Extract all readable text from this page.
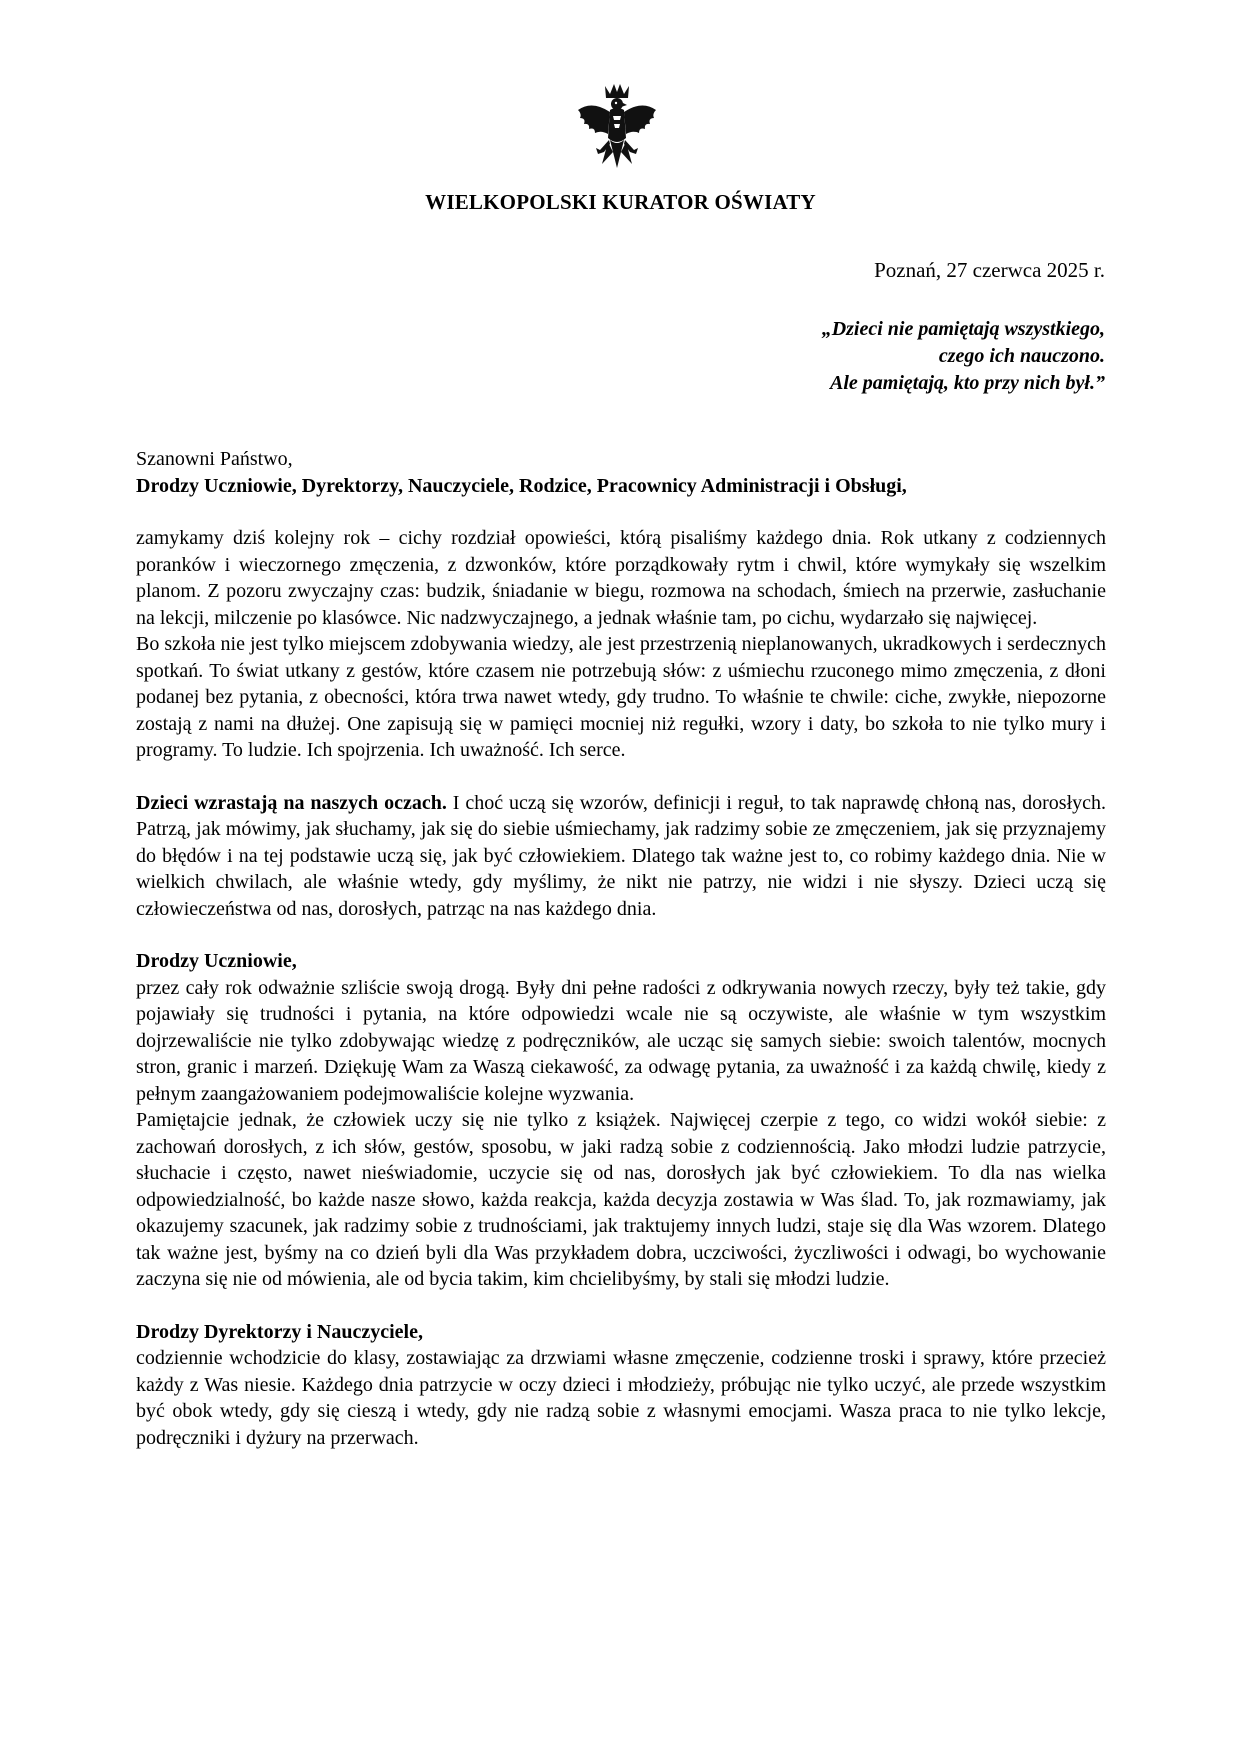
WIELKOPOLSKI KURATOR OŚWIATY
Poznań, 27 czerwca 2025 r.
„Dzieci nie pamiętają wszystkiego,
czego ich nauczono.
Ale pamiętają, kto przy nich był.”

Szanowni Państwo,

Drodzy Uczniowie, Dyrektorzy, Nauczyciele, Rodzice, Pracownicy Administracji i Obsługi,

zamykamy dziś kolejny rok – cichy rozdział opowieści, którą pisaliśmy każdego dnia. Rok utkany z codziennych poranków i wieczornego zmęczenia, z dzwonków, które porządkowały rytm i chwil, które wymykały się wszelkim planom. Z pozoru zwyczajny czas: budzik, śniadanie w biegu, rozmowa na schodach, śmiech na przerwie, zasłuchanie na lekcji, milczenie po klasówce. Nic nadzwyczajnego, a jednak właśnie tam, po cichu, wydarzało się najwięcej.

Bo szkoła nie jest tylko miejscem zdobywania wiedzy, ale jest przestrzenią nieplanowanych, ukradkowych i serdecznych spotkań. To świat utkany z gestów, które czasem nie potrzebują słów: z uśmiechu rzuconego mimo zmęczenia, z dłoni podanej bez pytania, z obecności, która trwa nawet wtedy, gdy trudno. To właśnie te chwile: ciche, zwykłe, niepozorne zostają z nami na dłużej. One zapisują się w pamięci mocniej niż regułki, wzory i daty, bo szkoła to nie tylko mury i programy. To ludzie. Ich spojrzenia. Ich uważność. Ich serce.

Dzieci wzrastają na naszych oczach. I choć uczą się wzorów, definicji i reguł, to tak naprawdę chłoną nas, dorosłych. Patrzą, jak mówimy, jak słuchamy, jak się do siebie uśmiechamy, jak radzimy sobie ze zmęczeniem, jak się przyznajemy do błędów i na tej podstawie uczą się, jak być człowiekiem. Dlatego tak ważne jest to, co robimy każdego dnia. Nie w wielkich chwilach, ale właśnie wtedy, gdy myślimy, że nikt nie patrzy, nie widzi i nie słyszy. Dzieci uczą się człowieczeństwa od nas, dorosłych, patrząc na nas każdego dnia.

Drodzy Uczniowie,

przez cały rok odważnie szliście swoją drogą. Były dni pełne radości z odkrywania nowych rzeczy, były też takie, gdy pojawiały się trudności i pytania, na które odpowiedzi wcale nie są oczywiste, ale właśnie w tym wszystkim dojrzewaliście nie tylko zdobywając wiedzę z podręczników, ale ucząc się samych siebie: swoich talentów, mocnych stron, granic i marzeń. Dziękuję Wam za Waszą ciekawość, za odwagę pytania, za uważność i za każdą chwilę, kiedy z pełnym zaangażowaniem podejmowaliście kolejne wyzwania.

Pamiętajcie jednak, że człowiek uczy się nie tylko z książek. Najwięcej czerpie z tego, co widzi wokół siebie: z zachowań dorosłych, z ich słów, gestów, sposobu, w jaki radzą sobie z codziennością. Jako młodzi ludzie patrzycie, słuchacie i często, nawet nieświadomie, uczycie się od nas, dorosłych jak być człowiekiem. To dla nas wielka odpowiedzialność, bo każde nasze słowo, każda reakcja, każda decyzja zostawia w Was ślad. To, jak rozmawiamy, jak okazujemy szacunek, jak radzimy sobie z trudnościami, jak traktujemy innych ludzi, staje się dla Was wzorem. Dlatego tak ważne jest, byśmy na co dzień byli dla Was przykładem dobra, uczciwości, życzliwości i odwagi, bo wychowanie zaczyna się nie od mówienia, ale od bycia takim, kim chcielibyśmy, by stali się młodzi ludzie.

Drodzy Dyrektorzy i Nauczyciele,

codziennie wchodzicie do klasy, zostawiając za drzwiami własne zmęczenie, codzienne troski i sprawy, które przecież każdy z Was niesie. Każdego dnia patrzycie w oczy dzieci i młodzieży, próbując nie tylko uczyć, ale przede wszystkim być obok wtedy, gdy się cieszą i wtedy, gdy nie radzą sobie z własnymi emocjami. Wasza praca to nie tylko lekcje, podręczniki i dyżury na przerwach.
